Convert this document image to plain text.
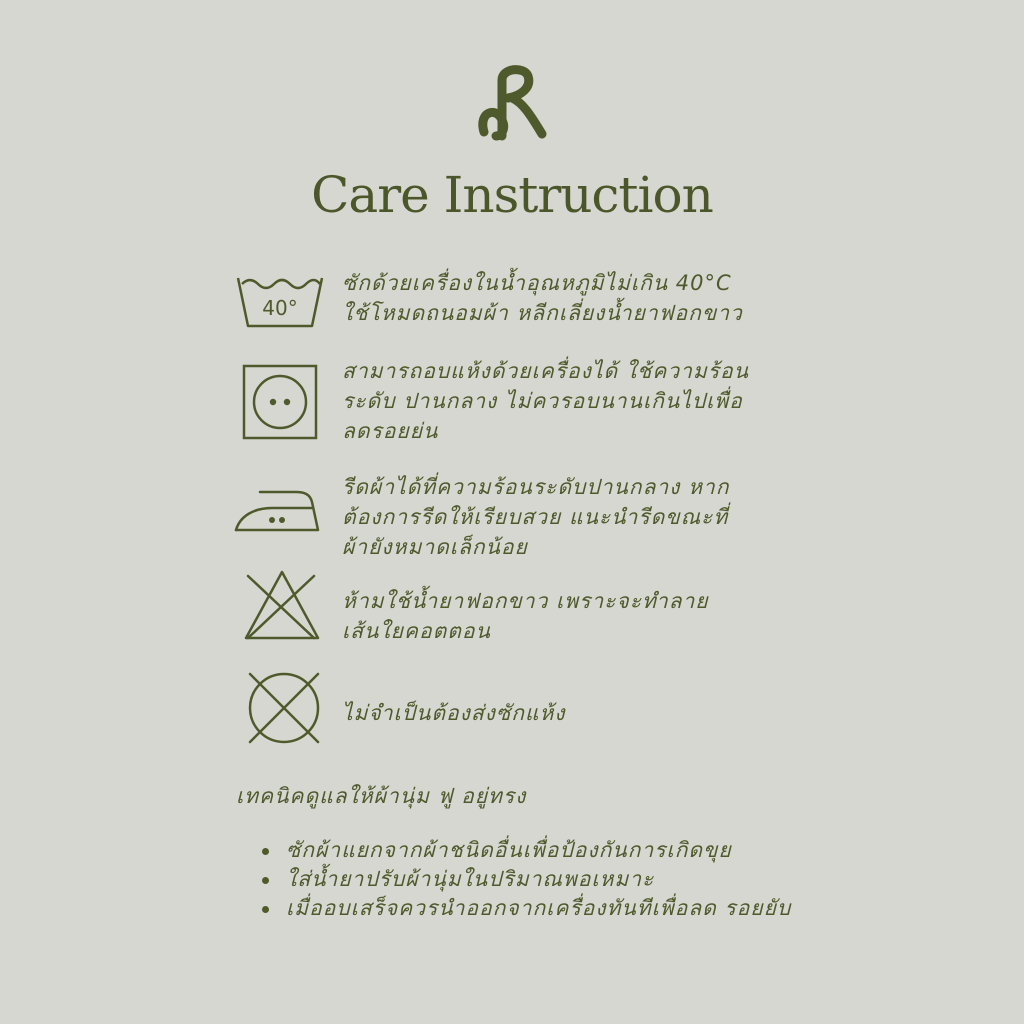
Care Instruction
40°
ซักด้วยเครื่องในน้ำอุณหภูมิไม่เกิน 40°C
ใช้โหมดถนอมผ้า หลีกเลี่ยงน้ำยาฟอกขาว
สามารถอบแห้งด้วยเครื่องได้ ใช้ความร้อน
ระดับ ปานกลาง ไม่ควรอบนานเกินไปเพื่อ
ลดรอยย่น
รีดผ้าได้ที่ความร้อนระดับปานกลาง หาก
ต้องการรีดให้เรียบสวย แนะนำรีดขณะที่
ผ้ายังหมาดเล็กน้อย
ห้ามใช้น้ำยาฟอกขาว เพราะจะทำลาย
เส้นใยคอตตอน
ไม่จำเป็นต้องส่งซักแห้ง
เทคนิคดูแลให้ผ้านุ่ม ฟู อยู่ทรง
ซักผ้าแยกจากผ้าชนิดอื่นเพื่อป้องกันการเกิดขุย
ใส่น้ำยาปรับผ้านุ่มในปริมาณพอเหมาะ
เมื่ออบเสร็จควรนำออกจากเครื่องทันทีเพื่อลด รอยยับ
